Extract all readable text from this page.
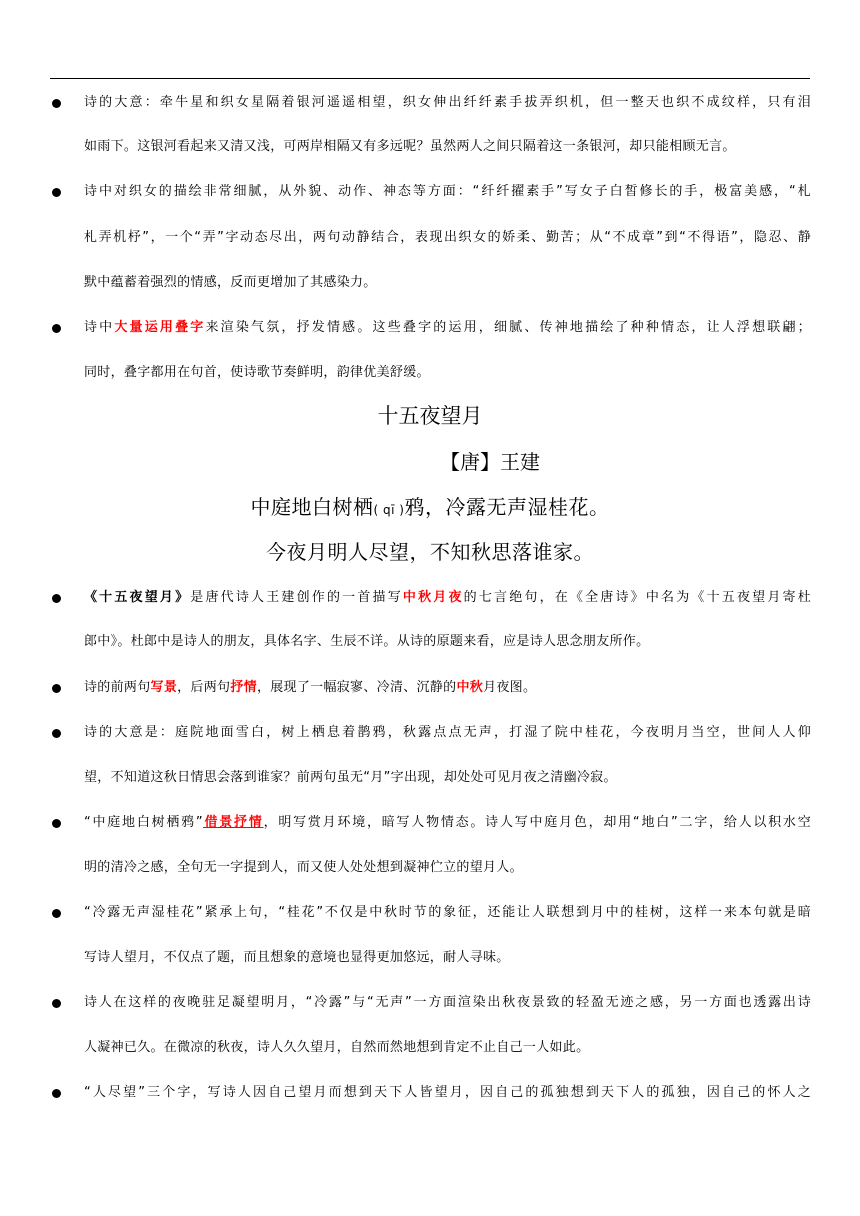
诗的大意：牵牛星和织女星隔着银河遥遥相望，织女伸出纤纤素手拔弄织机，但一整天也织不成纹样，只有泪
如雨下。这银河看起来又清又浅，可两岸相隔又有多远呢？虽然两人之间只隔着这一条银河，却只能相顾无言。
诗中对织女的描绘非常细腻，从外貌、动作、神态等方面：“纤纤擢素手”写女子白皙修长的手，极富美感，“札
札弄机杼”，一个“弄”字动态尽出，两句动静结合，表现出织女的娇柔、勤苦；从“不成章”到“不得语”，隐忍、静
默中蕴蓄着强烈的情感，反而更增加了其感染力。
诗中大量运用叠字来渲染气氛，抒发情感。这些叠字的运用，细腻、传神地描绘了种种情态，让人浮想联翩；
同时，叠字都用在句首，使诗歌节奏鲜明，韵律优美舒缓。
十五夜望月
【唐】王建
中庭地白树栖( qī )鸦，冷露无声湿桂花。
今夜月明人尽望，不知秋思落谁家。
《十五夜望月》是唐代诗人王建创作的一首描写中秋月夜的七言绝句，在《全唐诗》中名为《十五夜望月寄杜
郎中》。杜郎中是诗人的朋友，具体名字、生辰不详。从诗的原题来看，应是诗人思念朋友所作。
诗的前两句写景，后两句抒情，展现了一幅寂寥、冷清、沉静的中秋月夜图。
诗的大意是：庭院地面雪白，树上栖息着鹊鸦，秋露点点无声，打湿了院中桂花，今夜明月当空，世间人人仰
望，不知道这秋日情思会落到谁家？前两句虽无“月”字出现，却处处可见月夜之清幽冷寂。
“中庭地白树栖鸦”借景抒情，明写赏月环境，暗写人物情态。诗人写中庭月色，却用“地白”二字，给人以积水空
明的清冷之感，全句无一字提到人，而又使人处处想到凝神伫立的望月人。
“冷露无声湿桂花”紧承上句，“桂花”不仅是中秋时节的象征，还能让人联想到月中的桂树，这样一来本句就是暗
写诗人望月，不仅点了题，而且想象的意境也显得更加悠远，耐人寻味。
诗人在这样的夜晚驻足凝望明月，“冷露”与“无声”一方面渲染出秋夜景致的轻盈无迹之感，另一方面也透露出诗
人凝神已久。在微凉的秋夜，诗人久久望月，自然而然地想到肯定不止自己一人如此。
“人尽望”三个字，写诗人因自己望月而想到天下人皆望月，因自己的孤独想到天下人的孤独，因自己的怀人之
